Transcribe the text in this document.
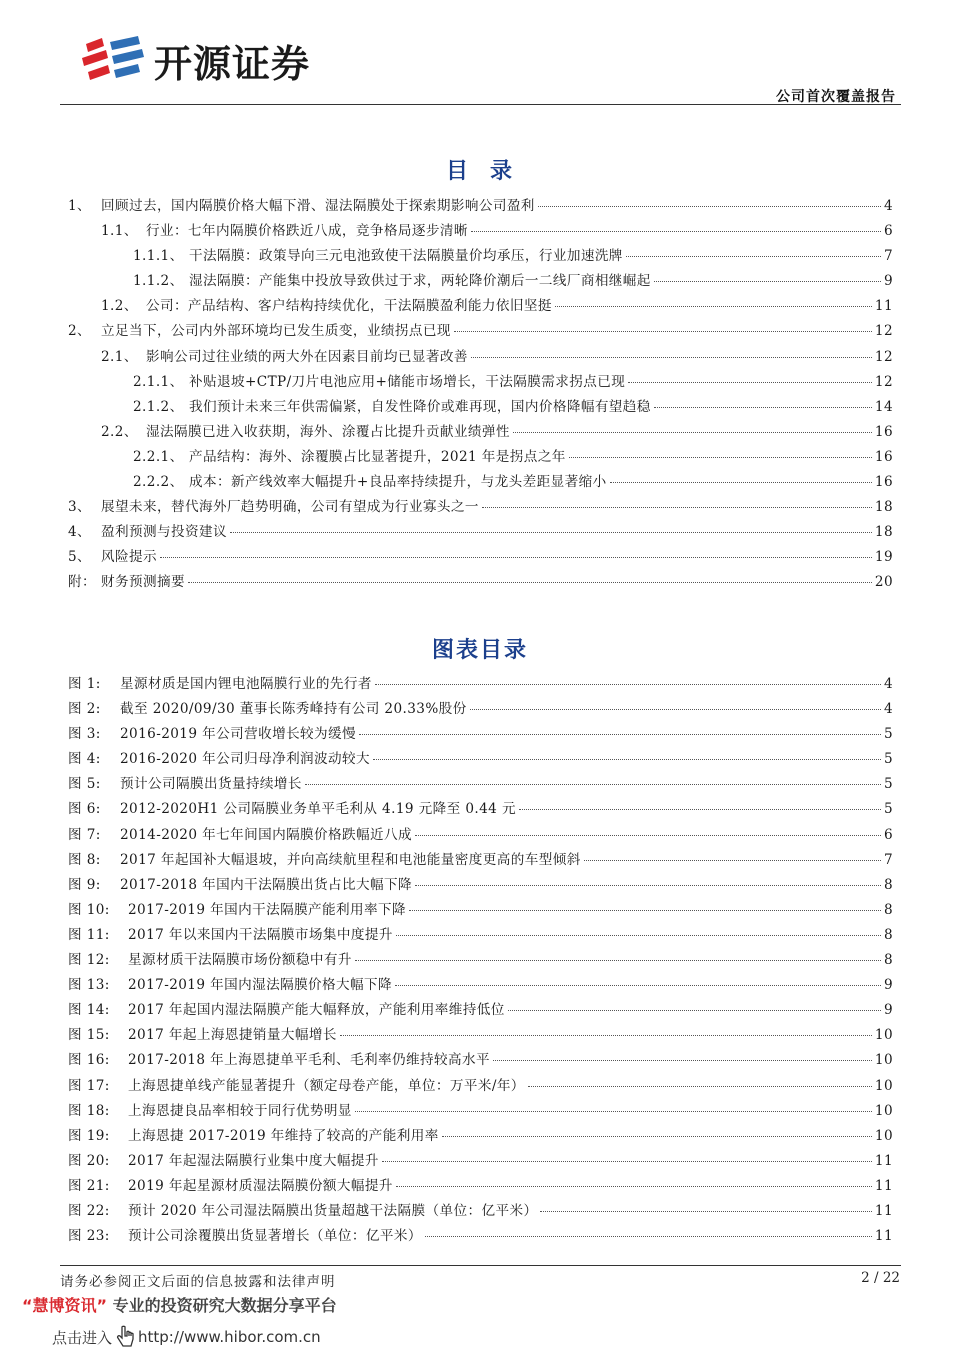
开源证券
公司首次覆盖报告
目录
1、 回顾过去，国内隔膜价格大幅下滑、湿法隔膜处于探索期影响公司盈利	4
1.1、 行业：七年内隔膜价格跌近八成，竞争格局逐步清晰	6
1.1.1、 干法隔膜：政策导向三元电池致使干法隔膜量价均承压，行业加速洗牌	7
1.1.2、 湿法隔膜：产能集中投放导致供过于求，两轮降价潮后一二线厂商相继崛起	9
1.2、 公司：产品结构、客户结构持续优化，干法隔膜盈利能力依旧坚挺	11
2、 立足当下，公司内外部环境均已发生质变，业绩拐点已现	12
2.1、 影响公司过往业绩的两大外在因素目前均已显著改善	12
2.1.1、 补贴退坡+CTP/刀片电池应用+储能市场增长，干法隔膜需求拐点已现	12
2.1.2、 我们预计未来三年供需偏紧，自发性降价或难再现，国内价格降幅有望趋稳	14
2.2、 湿法隔膜已进入收获期，海外、涂覆占比提升贡献业绩弹性	16
2.2.1、 产品结构：海外、涂覆膜占比显著提升，2021 年是拐点之年	16
2.2.2、 成本：新产线效率大幅提升+良品率持续提升，与龙头差距显著缩小	16
3、 展望未来，替代海外厂趋势明确，公司有望成为行业寡头之一	18
4、 盈利预测与投资建议	18
5、 风险提示	19
附： 财务预测摘要	20
图表目录
图 1:	星源材质是国内锂电池隔膜行业的先行者	4
图 2:	截至 2020/09/30 董事长陈秀峰持有公司 20.33%股份	4
图 3:	2016-2019 年公司营收增长较为缓慢	5
图 4:	2016-2020 年公司归母净利润波动较大	5
图 5:	预计公司隔膜出货量持续增长	5
图 6:	2012-2020H1 公司隔膜业务单平毛利从 4.19 元降至 0.44 元	5
图 7:	2014-2020 年七年间国内隔膜价格跌幅近八成	6
图 8:	2017 年起国补大幅退坡，并向高续航里程和电池能量密度更高的车型倾斜	7
图 9:	2017-2018 年国内干法隔膜出货占比大幅下降	8
图 10:	2017-2019 年国内干法隔膜产能利用率下降	8
图 11:	2017 年以来国内干法隔膜市场集中度提升	8
图 12:	星源材质干法隔膜市场份额稳中有升	8
图 13:	2017-2019 年国内湿法隔膜价格大幅下降	9
图 14:	2017 年起国内湿法隔膜产能大幅释放，产能利用率维持低位	9
图 15:	2017 年起上海恩捷销量大幅增长	10
图 16:	2017-2018 年上海恩捷单平毛利、毛利率仍维持较高水平	10
图 17:	上海恩捷单线产能显著提升（额定母卷产能，单位：万平米/年）	10
图 18:	上海恩捷良品率相较于同行优势明显	10
图 19:	上海恩捷 2017-2019 年维持了较高的产能利用率	10
图 20:	2017 年起湿法隔膜行业集中度大幅提升	11
图 21:	2019 年起星源材质湿法隔膜份额大幅提升	11
图 22:	预计 2020 年公司湿法隔膜出货量超越干法隔膜（单位：亿平米）	11
图 23:	预计公司涂覆膜出货显著增长（单位：亿平米）	11
请务必参阅正文后面的信息披露和法律声明	2 / 22
“慧博资讯” 专业的投资研究大数据分享平台
点击进入 http://www.hibor.com.cn
